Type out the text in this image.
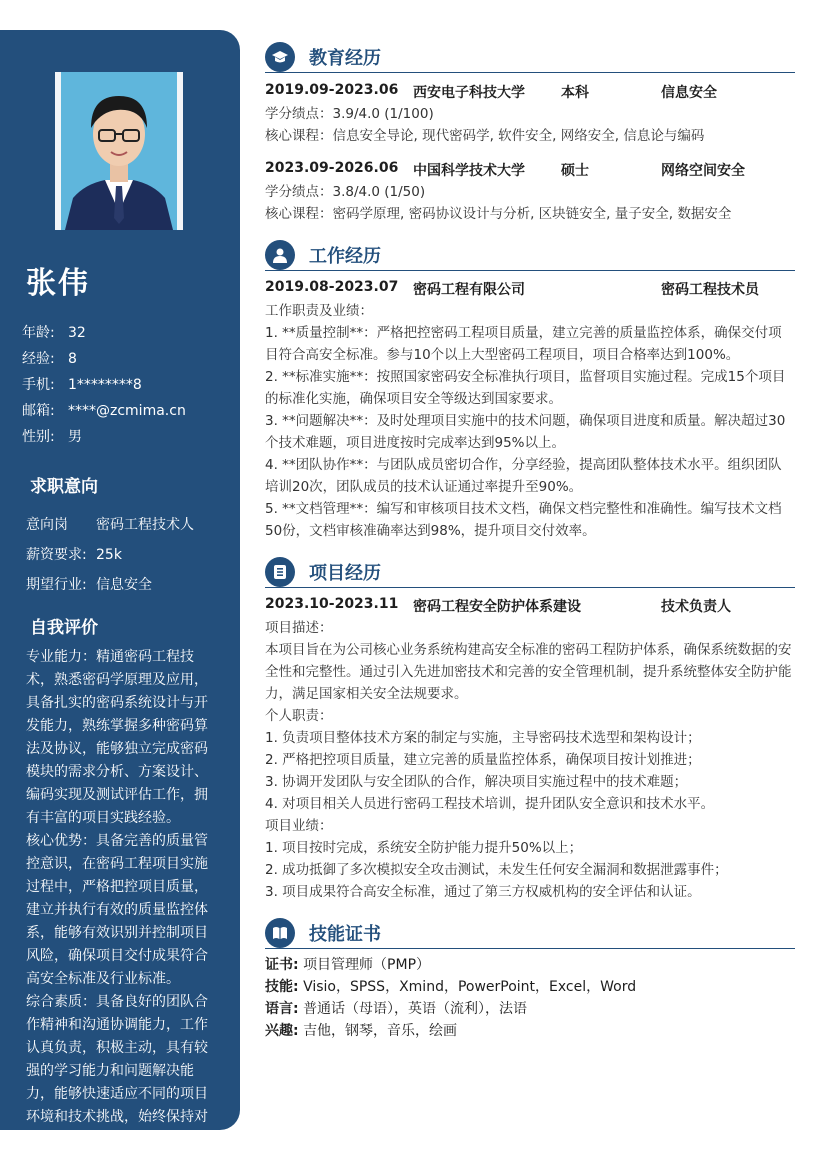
张伟
年龄: 32
经验: 8
手机: 1********8
邮箱: ****@zcmima.cn
性别: 男
求职意向
意向岗	密码工程技术人
薪资要求: 25k
期望行业: 信息安全
自我评价
专业能力：精通密码工程技术，熟悉密码学原理及应用，具备扎实的密码系统设计与开发能力，熟练掌握多种密码算法及协议，能够独立完成密码模块的需求分析、方案设计、编码实现及测试评估工作，拥有丰富的项目实践经验。
核心优势：具备完善的质量管控意识，在密码工程项目实施过程中，严格把控项目质量，建立并执行有效的质量监控体系，能够有效识别并控制项目风险，确保项目交付成果符合高安全标准及行业标准。
综合素质：具备良好的团队合作精神和沟通协调能力，工作认真负责，积极主动，具有较强的学习能力和问题解决能力，能够快速适应不同的项目环境和技术挑战，始终保持对密码安全领域新技术和新趋势
教育经历
2019.09-2023.06 西安电子科技大学	本科	信息安全

学分绩点：3.9/4.0 (1/100)

核心课程：信息安全导论, 现代密码学, 软件安全, 网络安全, 信息论与编码

2023.09-2026.06 中国科学技术大学	硕士	网络空间安全

学分绩点：3.8/4.0 (1/50)

核心课程：密码学原理, 密码协议设计与分析, 区块链安全, 量子安全, 数据安全

工作经历
2019.08-2023.07 密码工程有限公司	密码工程技术员

工作职责及业绩：

1. **质量控制**：严格把控密码工程项目质量，建立完善的质量监控体系，确保交付项目符合高安全标准。参与10个以上大型密码工程项目，项目合格率达到100%。

2. **标准实施**：按照国家密码安全标准执行项目，监督项目实施过程。完成15个项目的标准化实施，确保项目安全等级达到国家要求。

3. **问题解决**：及时处理项目实施中的技术问题，确保项目进度和质量。解决超过30个技术难题，项目进度按时完成率达到95%以上。

4. **团队协作**：与团队成员密切合作，分享经验，提高团队整体技术水平。组织团队培训20次，团队成员的技术认证通过率提升至90%。

5. **文档管理**：编写和审核项目技术文档，确保文档完整性和准确性。编写技术文档50份，文档审核准确率达到98%，提升项目交付效率。

项目经历
2023.10-2023.11 密码工程安全防护体系建设	技术负责人

项目描述：

本项目旨在为公司核心业务系统构建高安全标准的密码工程防护体系，确保系统数据的安全性和完整性。通过引入先进加密技术和完善的安全管理机制，提升系统整体安全防护能力，满足国家相关安全法规要求。

个人职责：

1. 负责项目整体技术方案的制定与实施，主导密码技术选型和架构设计；

2. 严格把控项目质量，建立完善的质量监控体系，确保项目按计划推进；

3. 协调开发团队与安全团队的合作，解决项目实施过程中的技术难题；

4. 对项目相关人员进行密码工程技术培训，提升团队安全意识和技术水平。

项目业绩：

1. 项目按时完成，系统安全防护能力提升50%以上；

2. 成功抵御了多次模拟安全攻击测试，未发生任何安全漏洞和数据泄露事件；

3. 项目成果符合高安全标准，通过了第三方权威机构的安全评估和认证。

技能证书
证书: 项目管理师（PMP）
技能: Visio，SPSS，Xmind，PowerPoint，Excel，Word
语言: 普通话（母语），英语（流利），法语
兴趣: 吉他，钢琴，音乐，绘画
